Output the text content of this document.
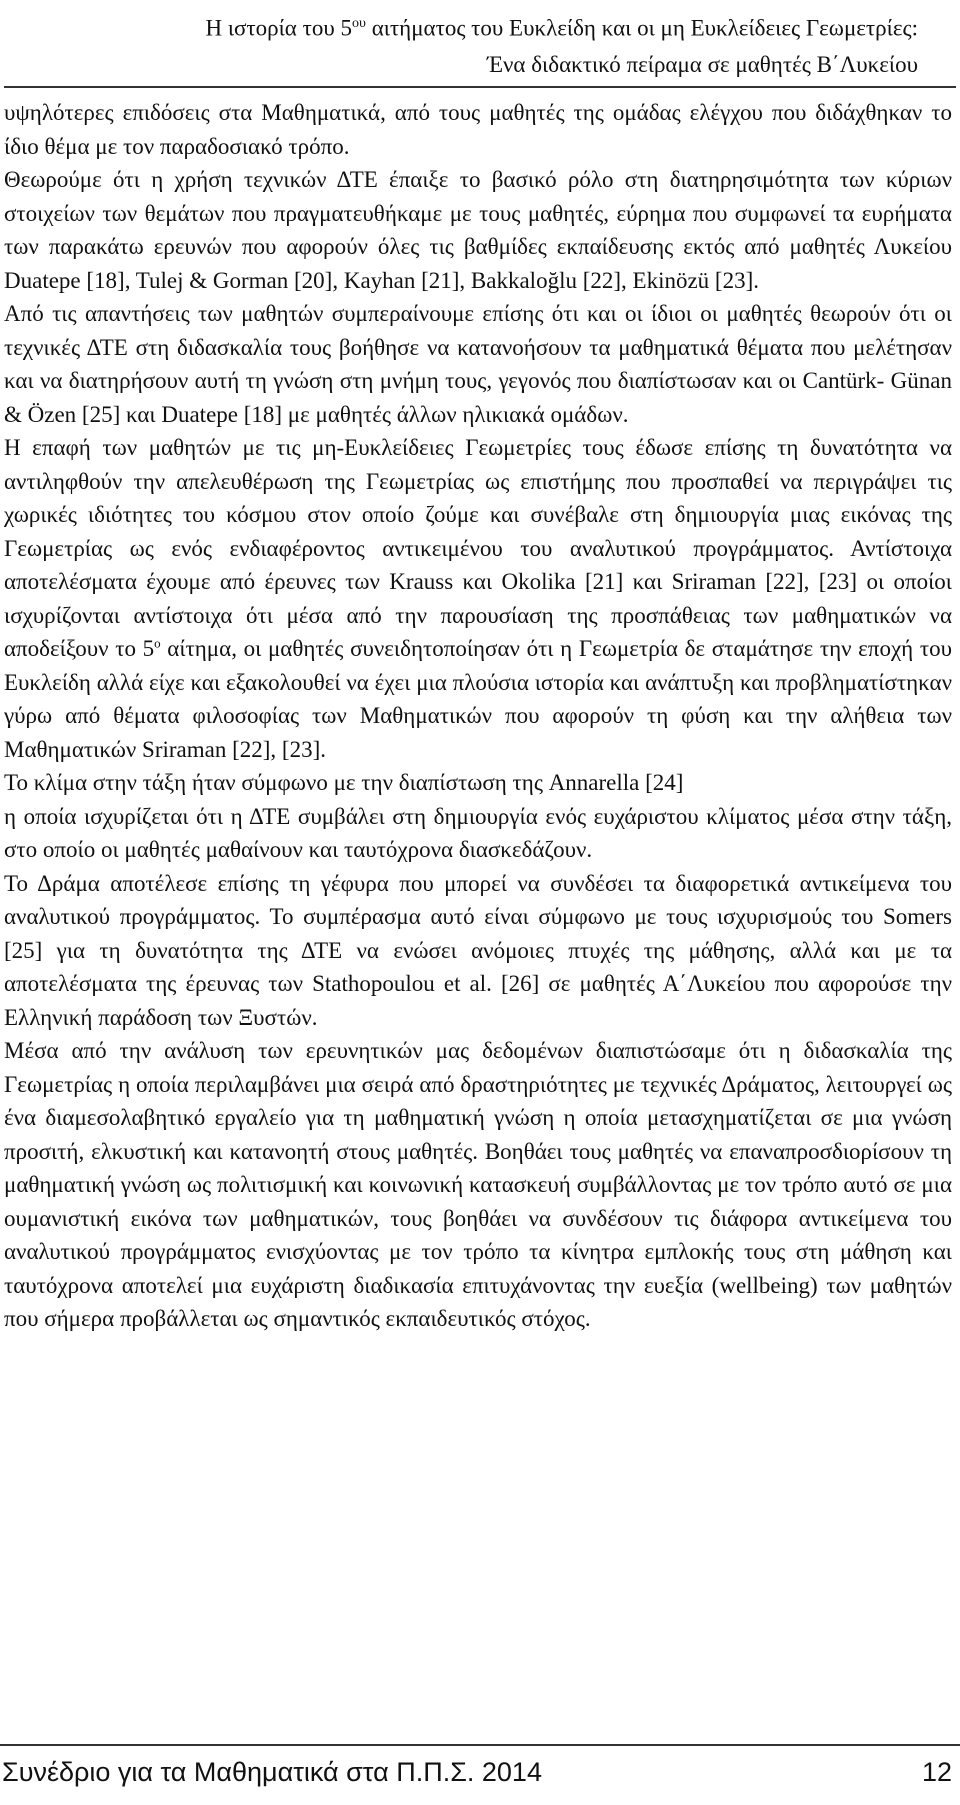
Η ιστορία του $5^{o\upsilon}$ αιτήματος του Ευκλείδη και οι μη Ευκλείδειες Γεωμετρίες:
Ένα διδακτικό πείραμα σε μαθητές Β΄Λυκείου

υψηλότερες επιδόσεις στα Μαθηματικά, από τους μαθητές της ομάδας ελέγχου που διδάχθηκαν το ίδιο θέμα με τον παραδοσιακό τρόπο.

Θεωρούμε ότι η χρήση τεχνικών ΔΤΕ έπαιξε το βασικό ρόλο στη διατηρησιμότητα των κύριων στοιχείων των θεμάτων που πραγματευθήκαμε με τους μαθητές, εύρημα που συμφωνεί τα ευρήματα των παρακάτω ερευνών που αφορούν όλες τις βαθμίδες εκπαίδευσης εκτός από μαθητές Λυκείου Duatepe [18], Tulej & Gorman [20], Kayhan [21], Bakkaloğlu [22], Ekinözü [23].

Από τις απαντήσεις των μαθητών συμπεραίνουμε επίσης ότι και οι ίδιοι οι μαθητές θεωρούν ότι οι τεχνικές ΔΤΕ στη διδασκαλία τους βοήθησε να κατανοήσουν τα μαθηματικά θέματα που μελέτησαν και να διατηρήσουν αυτή τη γνώση στη μνήμη τους, γεγονός που διαπίστωσαν και οι Cantürk- Günan & Özen [25] και Duatepe [18] με μαθητές άλλων ηλικιακά ομάδων.

Η επαφή των μαθητών με τις μη-Ευκλείδειες Γεωμετρίες τους έδωσε επίσης τη δυνατότητα να αντιληφθούν την απελευθέρωση της Γεωμετρίας ως επιστήμης που προσπαθεί να περιγράψει τις χωρικές ιδιότητες του κόσμου στον οποίο ζούμε και συνέβαλε στη δημιουργία μιας εικόνας της Γεωμετρίας ως ενός ενδιαφέροντος αντικειμένου του αναλυτικού προγράμματος. Αντίστοιχα αποτελέσματα έχουμε από έρευνες των Krauss και Okolika [21] και Sriraman [22], [23] οι οποίοι ισχυρίζονται αντίστοιχα ότι μέσα από την παρουσίαση της προσπάθειας των μαθηματικών να αποδείξουν το $5^o$ αίτημα, οι μαθητές συνειδητοποίησαν ότι η Γεωμετρία δε σταμάτησε την εποχή του Ευκλείδη αλλά είχε και εξακολουθεί να έχει μια πλούσια ιστορία και ανάπτυξη και προβληματίστηκαν γύρω από θέματα φιλοσοφίας των Μαθηματικών που αφορούν τη φύση και την αλήθεια των Μαθηματικών Sriraman [22], [23].

Το κλίμα στην τάξη ήταν σύμφωνο με την διαπίστωση της Annarella [24]
η οποία ισχυρίζεται ότι η ΔΤΕ συμβάλει στη δημιουργία ενός ευχάριστου κλίματος μέσα στην τάξη, στο οποίο οι μαθητές μαθαίνουν και ταυτόχρονα διασκεδάζουν.

Το Δράμα αποτέλεσε επίσης τη γέφυρα που μπορεί να συνδέσει τα διαφορετικά αντικείμενα του αναλυτικού προγράμματος. Το συμπέρασμα αυτό είναι σύμφωνο με τους ισχυρισμούς του Somers [25] για τη δυνατότητα της ΔΤΕ να ενώσει ανόμοιες πτυχές της μάθησης, αλλά και με τα αποτελέσματα της έρευνας των Stathopoulou et al. [26] σε μαθητές Α΄Λυκείου που αφορούσε την Ελληνική παράδοση των Ξυστών.

Μέσα από την ανάλυση των ερευνητικών μας δεδομένων διαπιστώσαμε ότι η διδασκαλία της Γεωμετρίας η οποία περιλαμβάνει μια σειρά από δραστηριότητες με τεχνικές Δράματος, λειτουργεί ως ένα διαμεσολαβητικό εργαλείο για τη μαθηματική γνώση η οποία μετασχηματίζεται σε μια γνώση προσιτή, ελκυστική και κατανοητή στους μαθητές. Βοηθάει τους μαθητές να επαναπροσδιορίσουν τη μαθηματική γνώση ως πολιτισμική και κοινωνική κατασκευή συμβάλλοντας με τον τρόπο αυτό σε μια ουμανιστική εικόνα των μαθηματικών, τους βοηθάει να συνδέσουν τις διάφορα αντικείμενα του αναλυτικού προγράμματος ενισχύοντας με τον τρόπο τα κίνητρα εμπλοκής τους στη μάθηση και ταυτόχρονα αποτελεί μια ευχάριστη διαδικασία επιτυχάνοντας την ευεξία (wellbeing) των μαθητών που σήμερα προβάλλεται ως σημαντικός εκπαιδευτικός στόχος.

Συνέδριο για τα Μαθηματικά στα Π.Π.Σ. 2014	12
